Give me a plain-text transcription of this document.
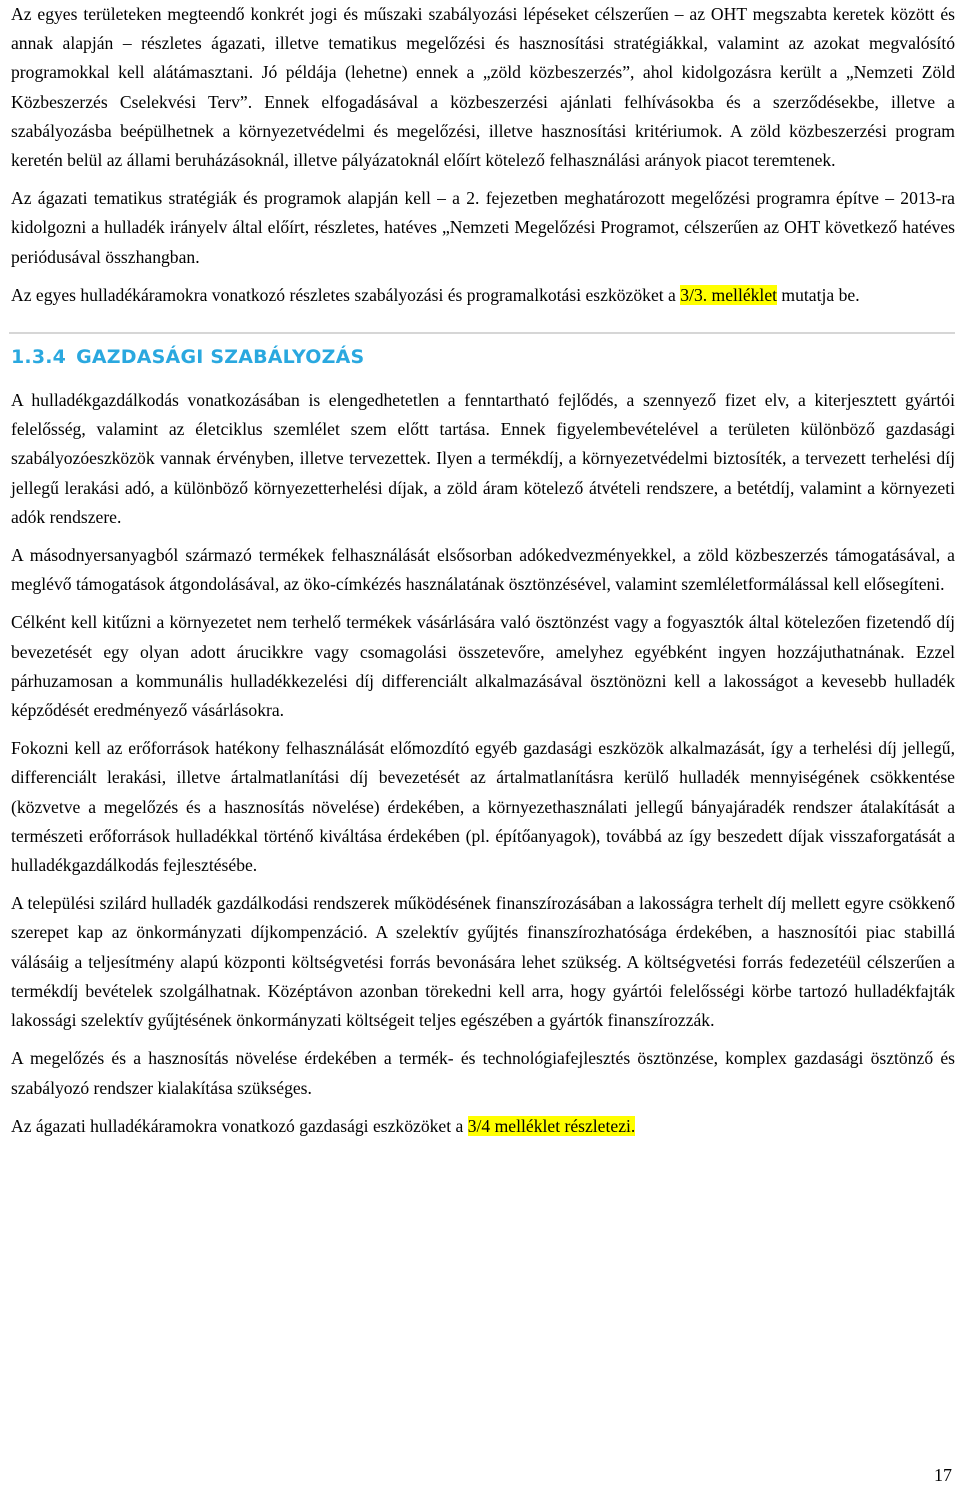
Az egyes területeken megteendő konkrét jogi és műszaki szabályozási lépéseket célszerűen – az OHT megszabta keretek között és annak alapján – részletes ágazati, illetve tematikus megelőzési és hasznosítási stratégiákkal, valamint az azokat megvalósító programokkal kell alátámasztani. Jó példája (lehetne) ennek a „zöld közbeszerzés”, ahol kidolgozásra került a „Nemzeti Zöld Közbeszerzés Cselekvési Terv”. Ennek elfogadásával a közbeszerzési ajánlati felhívásokba és a szerződésekbe, illetve a szabályozásba beépülhetnek a környezetvédelmi és megelőzési, illetve hasznosítási kritériumok. A zöld közbeszerzési program keretén belül az állami beruházásoknál, illetve pályázatoknál előírt kötelező felhasználási arányok piacot teremtenek.

Az ágazati tematikus stratégiák és programok alapján kell – a 2. fejezetben meghatározott megelőzési programra építve – 2013-ra kidolgozni a hulladék irányelv által előírt, részletes, hatéves „Nemzeti Megelőzési Programot, célszerűen az OHT következő hatéves periódusával összhangban.

Az egyes hulladékáramokra vonatkozó részletes szabályozási és programalkotási eszközöket a 3/3. melléklet mutatja be.

1.3.4 GAZDASÁGI SZABÁLYOZÁS

A hulladékgazdálkodás vonatkozásában is elengedhetetlen a fenntartható fejlődés, a szennyező fizet elv, a kiterjesztett gyártói felelősség, valamint az életciklus szemlélet szem előtt tartása. Ennek figyelembevételével a területen különböző gazdasági szabályozóeszközök vannak érvényben, illetve tervezettek. Ilyen a termékdíj, a környezetvédelmi biztosíték, a tervezett terhelési díj jellegű lerakási adó, a különböző környezetterhelési díjak, a zöld áram kötelező átvételi rendszere, a betétdíj, valamint a környezeti adók rendszere.

A másodnyersanyagból származó termékek felhasználását elsősorban adókedvezményekkel, a zöld közbeszerzés támogatásával, a meglévő támogatások átgondolásával, az öko-címkézés használatának ösztönzésével, valamint szemléletformálással kell elősegíteni.

Célként kell kitűzni a környezetet nem terhelő termékek vásárlására való ösztönzést vagy a fogyasztók által kötelezően fizetendő díj bevezetését egy olyan adott árucikkre vagy csomagolási összetevőre, amelyhez egyébként ingyen hozzájuthatnának. Ezzel párhuzamosan a kommunális hulladékkezelési díj differenciált alkalmazásával ösztönözni kell a lakosságot a kevesebb hulladék képződését eredményező vásárlásokra.

Fokozni kell az erőforrások hatékony felhasználását előmozdító egyéb gazdasági eszközök alkalmazását, így a terhelési díj jellegű, differenciált lerakási, illetve ártalmatlanítási díj bevezetését az ártalmatlanításra kerülő hulladék mennyiségének csökkentése (közvetve a megelőzés és a hasznosítás növelése) érdekében, a környezethasználati jellegű bányajáradék rendszer átalakítását a természeti erőforrások hulladékkal történő kiváltása érdekében (pl. építőanyagok), továbbá az így beszedett díjak visszaforgatását a hulladékgazdálkodás fejlesztésébe.

A települési szilárd hulladék gazdálkodási rendszerek működésének finanszírozásában a lakosságra terhelt díj mellett egyre csökkenő szerepet kap az önkormányzati díjkompenzáció. A szelektív gyűjtés finanszírozhatósága érdekében, a hasznosítói piac stabillá válásáig a teljesítmény alapú központi költségvetési forrás bevonására lehet szükség. A költségvetési forrás fedezetéül célszerűen a termékdíj bevételek szolgálhatnak. Középtávon azonban törekedni kell arra, hogy gyártói felelősségi körbe tartozó hulladékfajták lakossági szelektív gyűjtésének önkormányzati költségeit teljes egészében a gyártók finanszírozzák.

A megelőzés és a hasznosítás növelése érdekében a termék- és technológiafejlesztés ösztönzése, komplex gazdasági ösztönző és szabályozó rendszer kialakítása szükséges.

Az ágazati hulladékáramokra vonatkozó gazdasági eszközöket a 3/4 melléklet részletezi.

17
